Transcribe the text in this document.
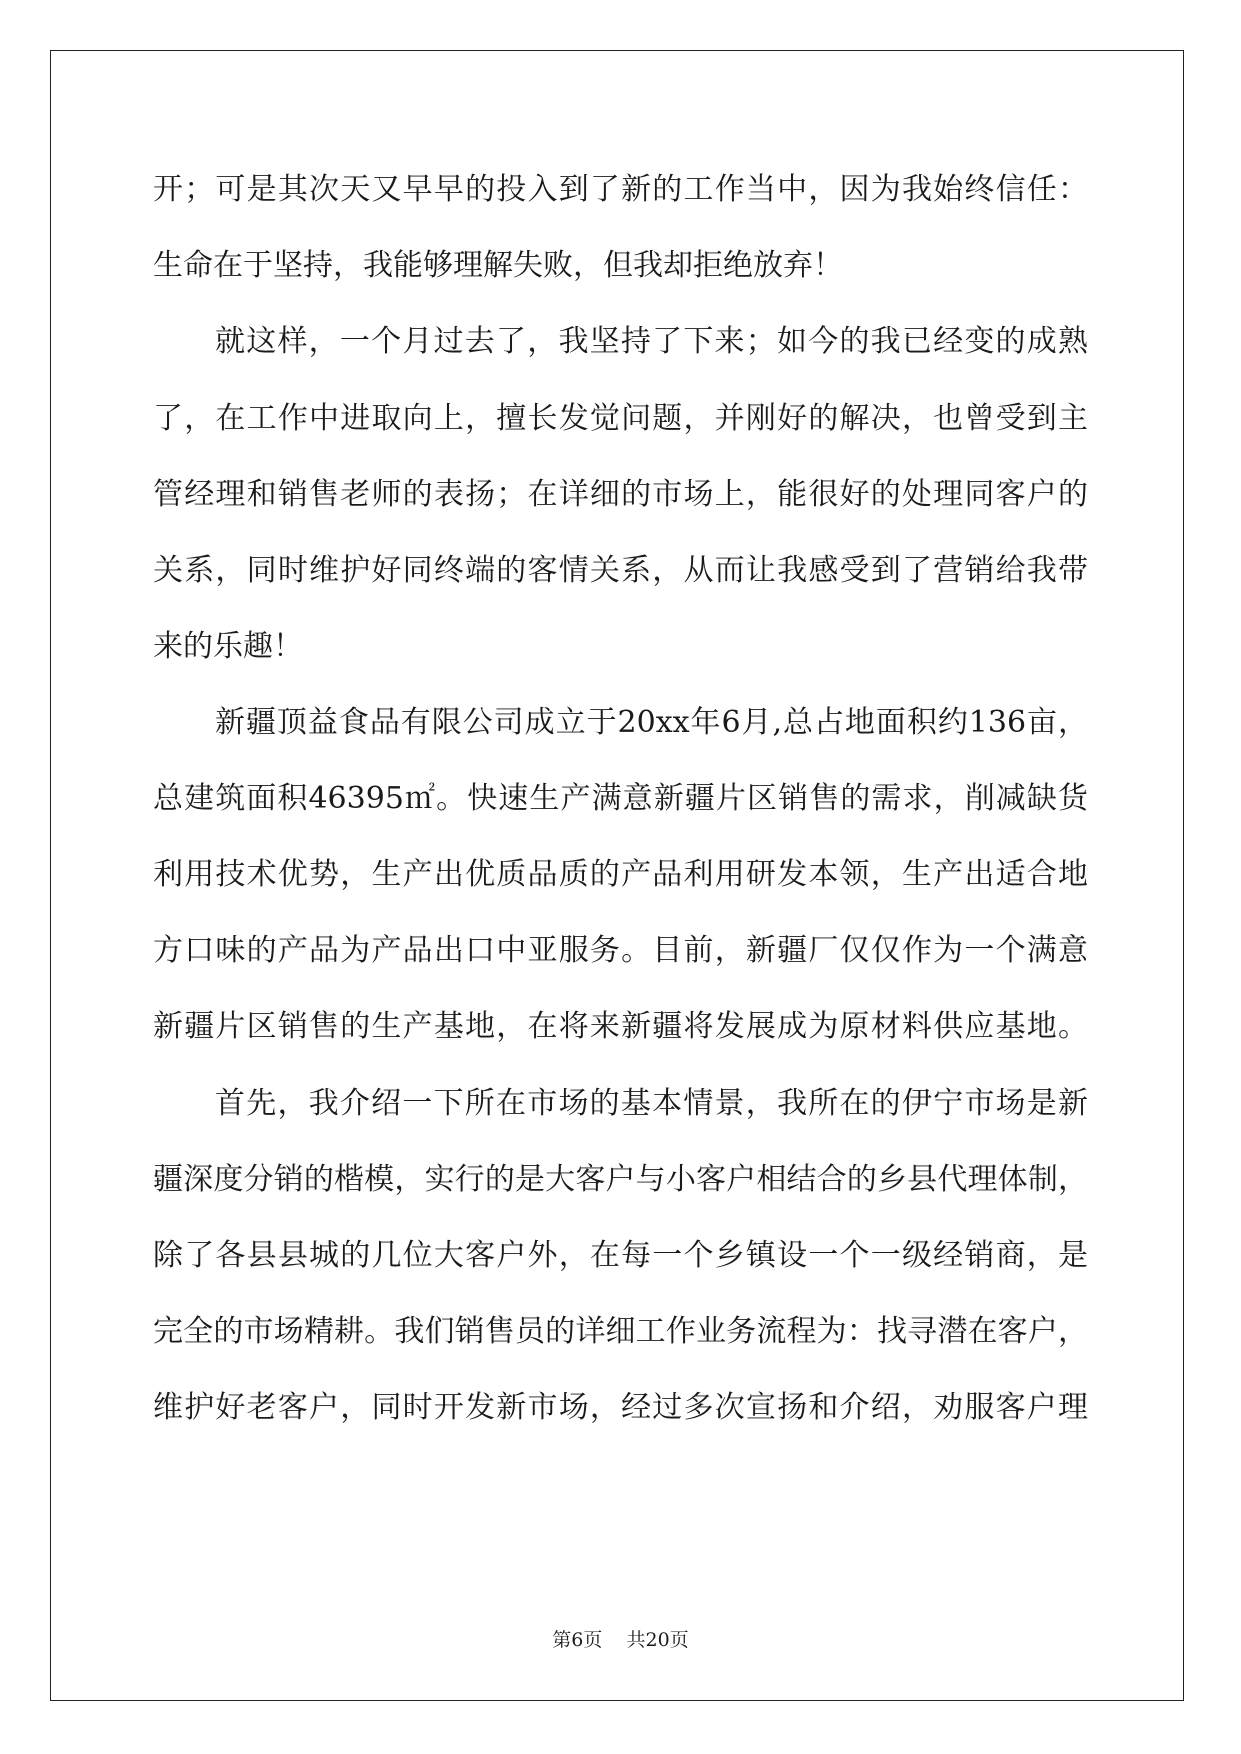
开；可是其次天又早早的投入到了新的工作当中，因为我始终信任：
生命在于坚持，我能够理解失败，但我却拒绝放弃！
就这样，一个月过去了，我坚持了下来；如今的我已经变的成熟
了，在工作中进取向上，擅长发觉问题，并刚好的解决，也曾受到主
管经理和销售老师的表扬；在详细的市场上，能很好的处理同客户的
关系，同时维护好同终端的客情关系，从而让我感受到了营销给我带
来的乐趣！
新疆顶益食品有限公司成立于20xx年6月,总占地面积约136亩，
总建筑面积46395㎡。快速生产满意新疆片区销售的需求，削减缺货
利用技术优势，生产出优质品质的产品利用研发本领，生产出适合地
方口味的产品为产品出口中亚服务。目前，新疆厂仅仅作为一个满意
新疆片区销售的生产基地，在将来新疆将发展成为原材料供应基地。
首先，我介绍一下所在市场的基本情景，我所在的伊宁市场是新
疆深度分销的楷模，实行的是大客户与小客户相结合的乡县代理体制，
除了各县县城的几位大客户外，在每一个乡镇设一个一级经销商，是
完全的市场精耕。我们销售员的详细工作业务流程为：找寻潜在客户，
维护好老客户，同时开发新市场，经过多次宣扬和介绍，劝服客户理
第6页 共20页
